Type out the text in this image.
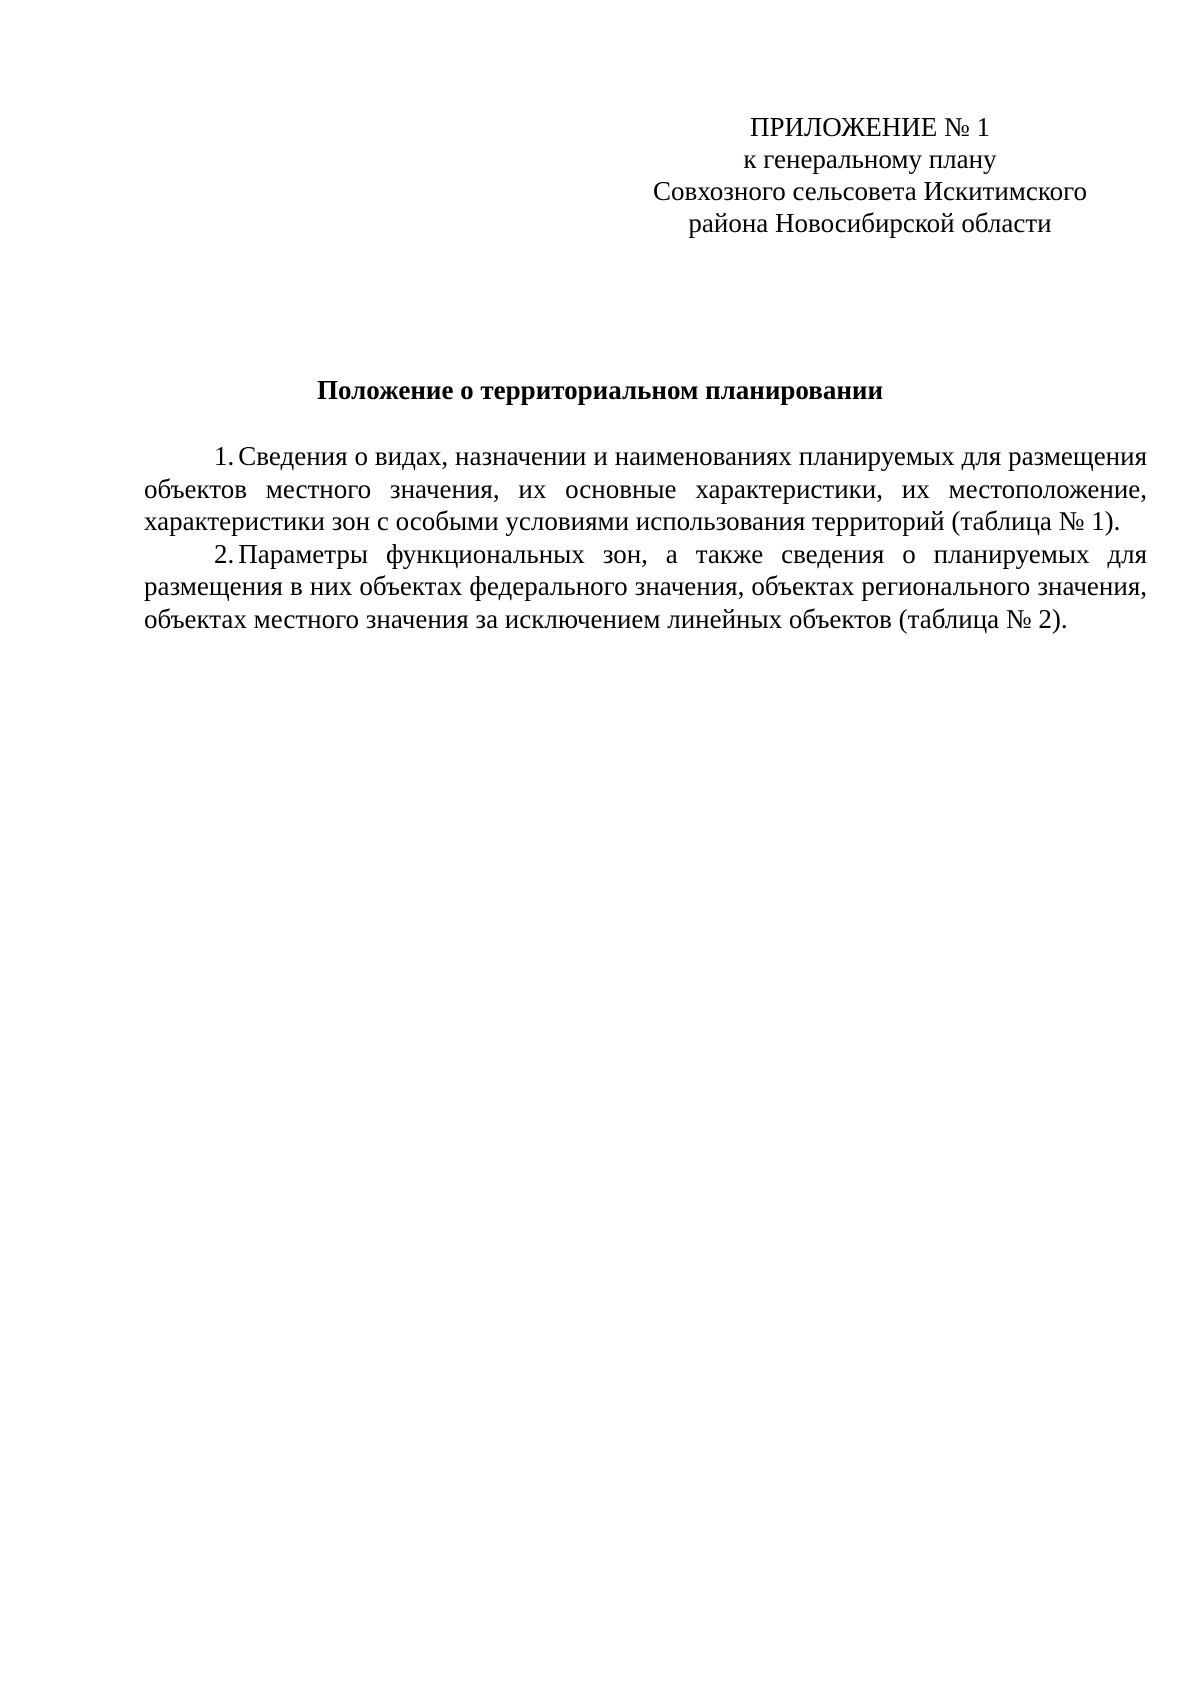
ПРИЛОЖЕНИЕ № 1
к генеральному плану
Совхозного сельсовета Искитимского
района Новосибирской области
Положение о территориальном планировании

1. Сведения о видах, назначении и наименованиях планируемых для размещения объектов местного значения, их основные характеристики, их местоположение, характеристики зон с особыми условиями использования территорий (таблица № 1).

2. Параметры функциональных зон, а также сведения о планируемых для размещения в них объектах федерального значения, объектах регионального значения, объектах местного значения за исключением линейных объектов (таблица № 2).
